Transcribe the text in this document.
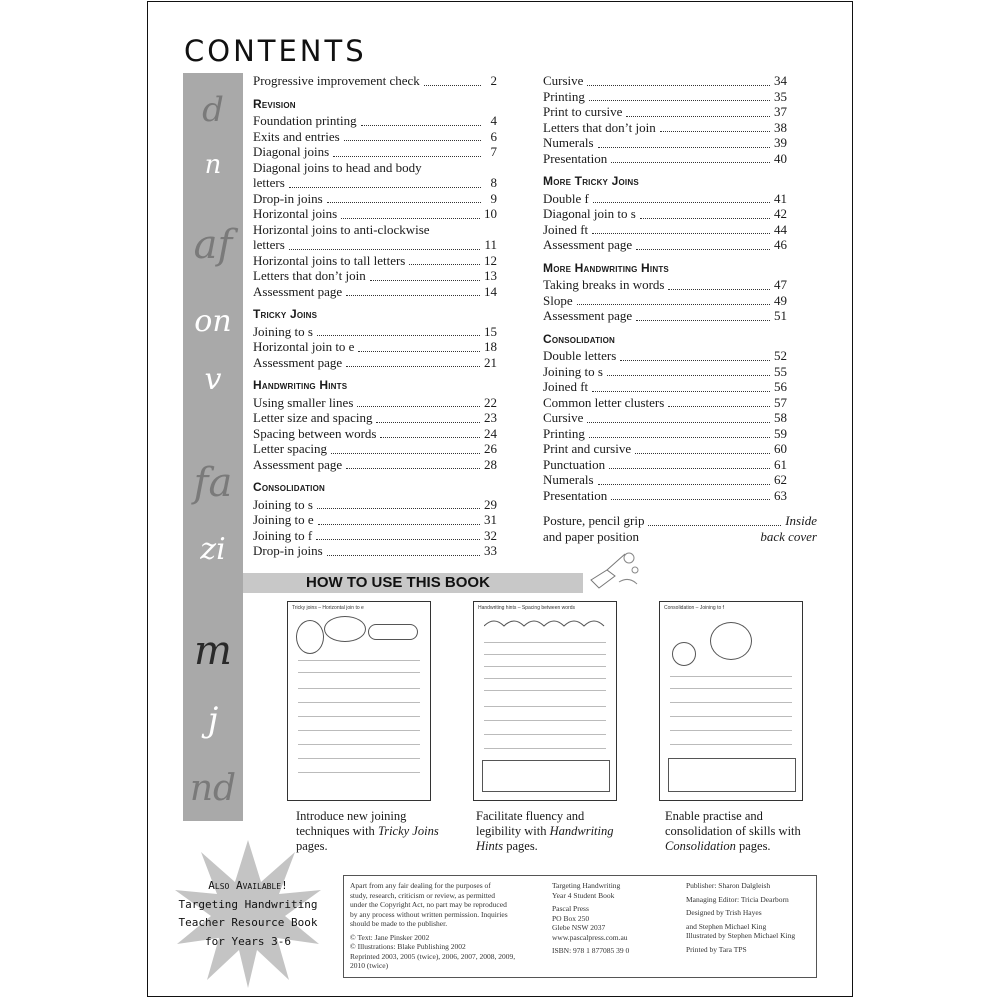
CONTENTS
d
n
af
on
v
fa
zi
m
j
nd
Progressive improvement check	2
Revision
Foundation printing	4
Exits and entries	6
Diagonal joins	7
Diagonal joins to head and body
letters	8
Drop-in joins	9
Horizontal joins	10
Horizontal joins to anti-clockwise
letters	11
Horizontal joins to tall letters	12
Letters that don’t join	13
Assessment page	14
Tricky Joins
Joining to s	15
Horizontal join to e	18
Assessment page	21
Handwriting Hints
Using smaller lines	22
Letter size and spacing	23
Spacing between words	24
Letter spacing	26
Assessment page	28
Consolidation
Joining to s	29
Joining to e	31
Joining to f	32
Drop-in joins	33
Cursive	34
Printing	35
Print to cursive	37
Letters that don’t join	38
Numerals	39
Presentation	40
More Tricky Joins
Double f	41
Diagonal join to s	42
Joined ft	44
Assessment page	46
More Handwriting Hints
Taking breaks in words	47
Slope	49
Assessment page	51
Consolidation
Double letters	52
Joining to s	55
Joined ft	56
Common letter clusters	57
Cursive	58
Printing	59
Print and cursive	60
Punctuation	61
Numerals	62
Presentation	63
Posture, pencil grip	Inside
and paper position	back cover
HOW TO USE THIS BOOK
Tricky joins – Horizontal join to e	Handwriting hints – Spacing between words	Consolidation – Joining to f
Introduce new joining techniques with Tricky Joins pages.
Facilitate fluency and legibility with Handwriting Hints pages.
Enable practise and consolidation of skills with Consolidation pages.
Also Available!
Targeting Handwriting
Teacher Resource Book
for Years 3-6
Apart from any fair dealing for the purposes of
study, research, criticism or review, as permitted
under the Copyright Act, no part may be reproduced
by any process without written permission. Inquiries
should be made to the publisher.
© Text: Jane Pinsker 2002
© Illustrations: Blake Publishing 2002
Reprinted 2003, 2005 (twice), 2006, 2007, 2008, 2009,
2010 (twice)
Targeting Handwriting
Year 4 Student Book
Pascal Press
PO Box 250
Glebe NSW 2037
www.pascalpress.com.au
ISBN: 978 1 877085 39 0
Publisher: Sharon Dalgleish
Managing Editor: Tricia Dearborn
Designed by Trish Hayes
and Stephen Michael King
Illustrated by Stephen Michael King
Printed by Tara TPS
